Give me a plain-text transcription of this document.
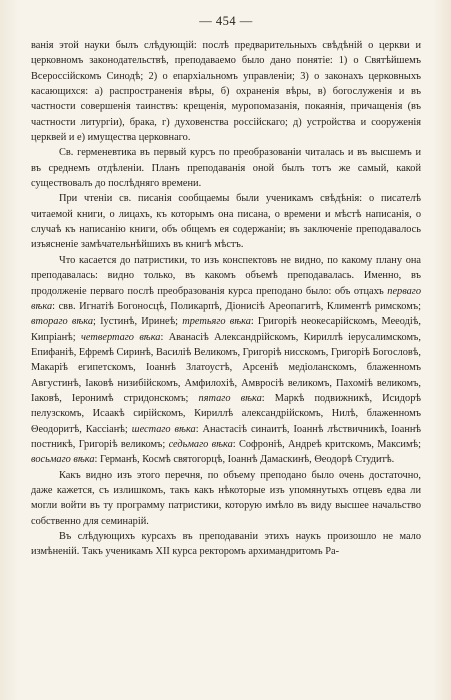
— 454 —

ванія этой науки былъ слѣдующій: послѣ предварительныхъ свѣдѣній о церкви и церковномъ законодательствѣ, преподаваемо было дано понятіе: 1) о Святѣйшемъ Всероссійскомъ Синодѣ; 2) о епархіальномъ управленіи; 3) о законахъ церковныхъ касающихся: а) распространенія вѣры, б) охраненія вѣры, в) богослуженія и въ частности совершенія таинствъ: крещенія, муропомазанія, покаянія, причащенія (въ частности литургіи), брака, г) духовенства россійскаго; д) устройства и сооруженія церквей и е) имущества церковнаго.

Св. герменевтика въ первый курсъ по преобразованіи читалась и въ высшемъ и въ среднемъ отдѣленіи. Планъ преподаванія оной былъ тотъ же самый, какой существовалъ до послѣдняго времени.

При чтеніи св. писанія сообщаемы были ученикамъ свѣдѣнія: о писателѣ читаемой книги, о лицахъ, къ которымъ она писана, о времени и мѣстѣ написанія, о случаѣ къ написанію книги, объ общемъ ея содержаніи; въ заключеніе преподавалось изъясненіе замѣчательнѣйшихъ въ книгѣ мѣстъ.

Что касается до патристики, то изъ конспектовъ не видно, по какому плану она преподавалась: видно только, въ какомъ объемѣ преподавалась. Именно, въ продолженіе перваго послѣ преобразованія курса преподано было: объ отцахъ перваго вѣка: свв. Игнатіѣ Богоносцѣ, Поликарпѣ, Діонисіѣ Ареопагитѣ, Климентѣ римскомъ; втораго вѣка; Іустинѣ, Иринеѣ; третьяго вѣка: Григоріѣ неокесарійскомъ, Мееодіѣ, Кипріанѣ; четвертаго вѣка: Аванасіѣ Александрійскомъ, Кириллѣ іерусалимскомъ, Епифаніѣ, Ефремѣ Сиринѣ, Василіѣ Великомъ, Григоріѣ нисскомъ, Григоріѣ Богословѣ, Макаріѣ египетскомъ, Іоаннѣ Златоустѣ, Арсеніѣ медіоланскомъ, блаженномъ Августинѣ, Іаковѣ низибійскомъ, Амфилохіѣ, Амвросіѣ великомъ, Пахоміѣ великомъ, Іаковѣ, Іеронимѣ стридонскомъ; пятаго вѣка: Маркѣ подвижникѣ, Исидорѣ пелузскомъ, Исаакѣ сирійскомъ, Кириллѣ александрійскомъ, Нилѣ, блаженномъ Θеодоритѣ, Кассіанѣ; шестаго вѣка: Анастасіѣ синаитѣ, Іоаннѣ лѣствичникѣ, Іоаннѣ постникѣ, Григоріѣ великомъ; седьмаго вѣка: Софроніѣ, Андреѣ критскомъ, Максимѣ; восьмаго вѣка: Германѣ, Космѣ святогорцѣ, Іоаннѣ Дамаскинѣ, Θеодорѣ Студитѣ.

Какъ видно изъ этого перечня, по объему преподано было очень достаточно, даже кажется, съ излишкомъ, такъ какъ нѣкоторые изъ упомянутыхъ отцевъ едва ли могли войти въ ту программу патристики, которую имѣло въ виду высшее начальство собственно для семинарій.

Въ слѣдующихъ курсахъ въ преподаваніи этихъ наукъ произошло не мало измѣненій. Такъ ученикамъ XII курса ректоромъ архимандритомъ Ра-
